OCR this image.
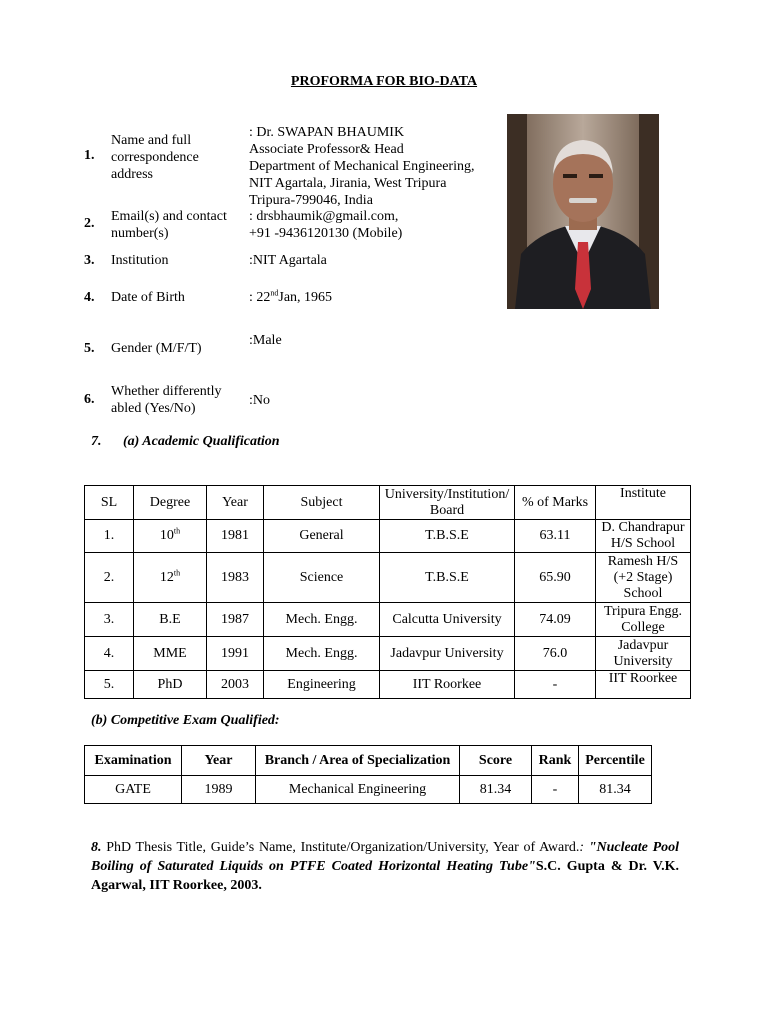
PROFORMA FOR BIO-DATA
1.
Name and full correspondence address
: Dr. SWAPAN BHAUMIK
Associate Professor& Head
Department of Mechanical Engineering,
NIT Agartala, Jirania, West Tripura
Tripura-799046, India
2. Email(s) and contact number(s)
: drsbhaumik@gmail.com,
+91 -9436120130 (Mobile)
3. Institution	:NIT Agartala
4. Date of Birth	: 22ndJan, 1965
5. Gender (M/F/T)
:Male
6.
Whether differently abled (Yes/No)
:No
7. (a) Academic Qualification
SL	Degree	Year	Subject	University/Institution/ Board	% of Marks	Institute
1.	10th	1981	General	T.B.S.E	63.11	D. Chandrapur H/S School
2.	12th	1983	Science	T.B.S.E	65.90	Ramesh H/S (+2 Stage) School
3.	B.E	1987	Mech. Engg.	Calcutta University	74.09	Tripura Engg. College
4.	MME	1991	Mech. Engg.	Jadavpur University	76.0	Jadavpur University
5.	PhD	2003	Engineering	IIT Roorkee	-	IIT Roorkee
(b) Competitive Exam Qualified:
Examination	Year	Branch / Area of Specialization	Score	Rank	Percentile
GATE	1989	Mechanical Engineering	81.34	-	81.34
8. PhD Thesis Title, Guide’s Name, Institute/Organization/University, Year of Award.: "Nucleate Pool Boiling of Saturated Liquids on PTFE Coated Horizontal Heating Tube"S.C. Gupta & Dr. V.K. Agarwal, IIT Roorkee, 2003.
